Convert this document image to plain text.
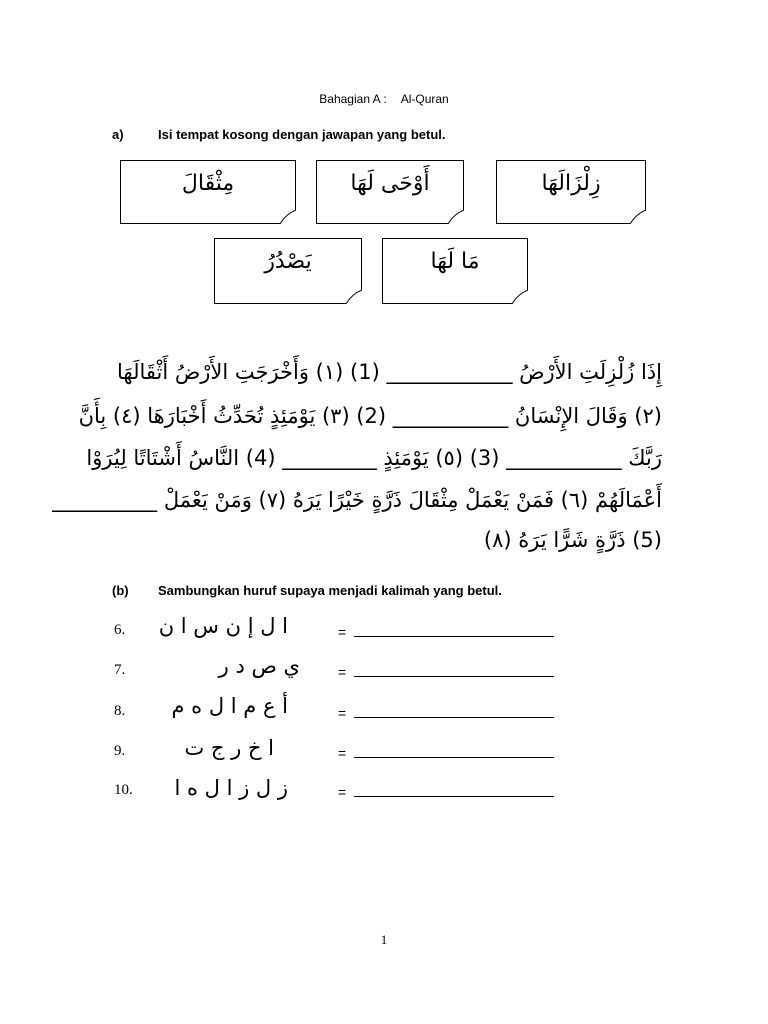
Bahagian A : Al-Quran
a)	Isi tempat kosong dengan jawapan yang betul.
مِثْقَالَ	أَوْحَى لَهَا	زِلْزَالَهَا
يَصْدُرُ	مَا لَهَا
إِذَا زُلْزِلَتِ الأَرْضُ ____________ (1) (١) وَأَخْرَجَتِ الأَرْضُ أَثْقَالَهَا
(٢) وَقَالَ الإِنْسَانُ ___________ (2) (٣) يَوْمَئِذٍ تُحَدِّثُ أَخْبَارَهَا (٤) بِأَنَّ
رَبَّكَ ___________ (3) (٥) يَوْمَئِذٍ _________ (4) النَّاسُ أَشْتَاتًا لِيُرَوْا
أَعْمَالَهُمْ (٦) فَمَنْ يَعْمَلْ مِثْقَالَ ذَرَّةٍ خَيْرًا يَرَهُ (٧) وَمَنْ يَعْمَلْ __________
(5) ذَرَّةٍ شَرًّا يَرَهُ (٨)
(b) Sambungkan huruf supaya menjadi kalimah yang betul.
6.	ا ل إ ن س ا ن	=
7.	ي ص د ر	=
8.	أ ع م ا ل ه م	=
9.	ا خ ر ج ت	=
10.	ز ل ز ا ل ه ا	=
1
